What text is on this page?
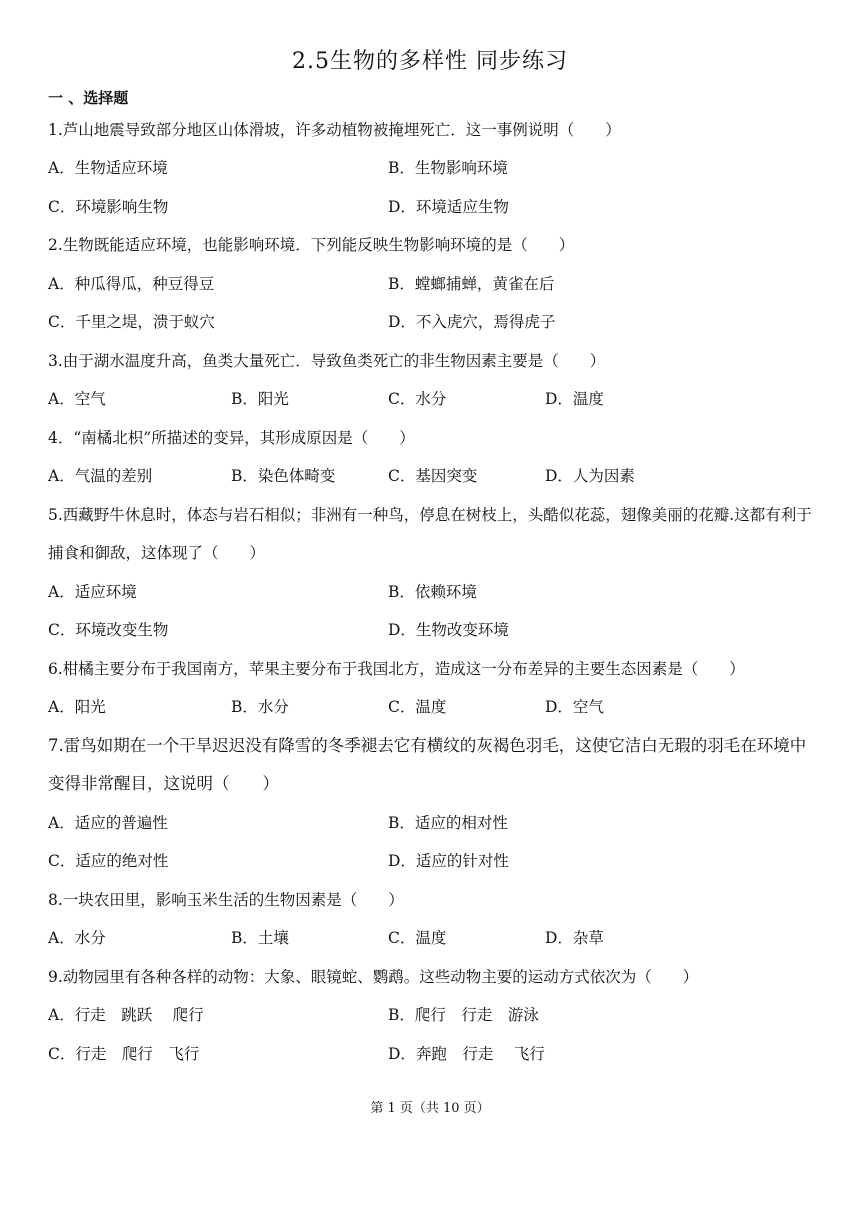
2.5生物的多样性 同步练习
一 、选择题
1.芦山地震导致部分地区山体滑坡，许多动植物被掩埋死亡．这一事例说明（　　）
A．生物适应环境	B．生物影响环境
C．环境影响生物	D．环境适应生物
2.生物既能适应环境，也能影响环境．下列能反映生物影响环境的是（　　）
A．种瓜得瓜，种豆得豆	B．螳螂捕蝉，黄雀在后
C．千里之堤，溃于蚁穴	D．不入虎穴，焉得虎子
3.由于湖水温度升高，鱼类大量死亡．导致鱼类死亡的非生物因素主要是（　　）
A．空气	B．阳光	C．水分	D．温度
4．“南橘北枳”所描述的变异，其形成原因是（　　）
A．气温的差别	B．染色体畸变	C．基因突变	D．人为因素
5.西藏野牛休息时，体态与岩石相似；非洲有一种鸟，停息在树枝上，头酷似花蕊，翅像美丽的花瓣.这都有利于捕食和御敌，这体现了（　　）
A．适应环境	B．依赖环境
C．环境改变生物	D．生物改变环境
6.柑橘主要分布于我国南方，苹果主要分布于我国北方，造成这一分布差异的主要生态因素是（　　）
A．阳光	B．水分	C．温度	D．空气
7.雷鸟如期在一个干旱迟迟没有降雪的冬季褪去它有横纹的灰褐色羽毛，这使它洁白无瑕的羽毛在环境中变得非常醒目，这说明（　　）
A．适应的普遍性	B．适应的相对性
C．适应的绝对性	D．适应的针对性
8.一块农田里，影响玉米生活的生物因素是（　　）
A．水分	B．土壤	C．温度	D．杂草
9.动物园里有各种各样的动物：大象、眼镜蛇、鹦鹉。这些动物主要的运动方式依次为（　　）
A．行走　跳跃　 爬行	B．爬行　行走　游泳
C．行走　爬行　飞行	D．奔跑　行走　 飞行
第 1 页（共 10 页）
